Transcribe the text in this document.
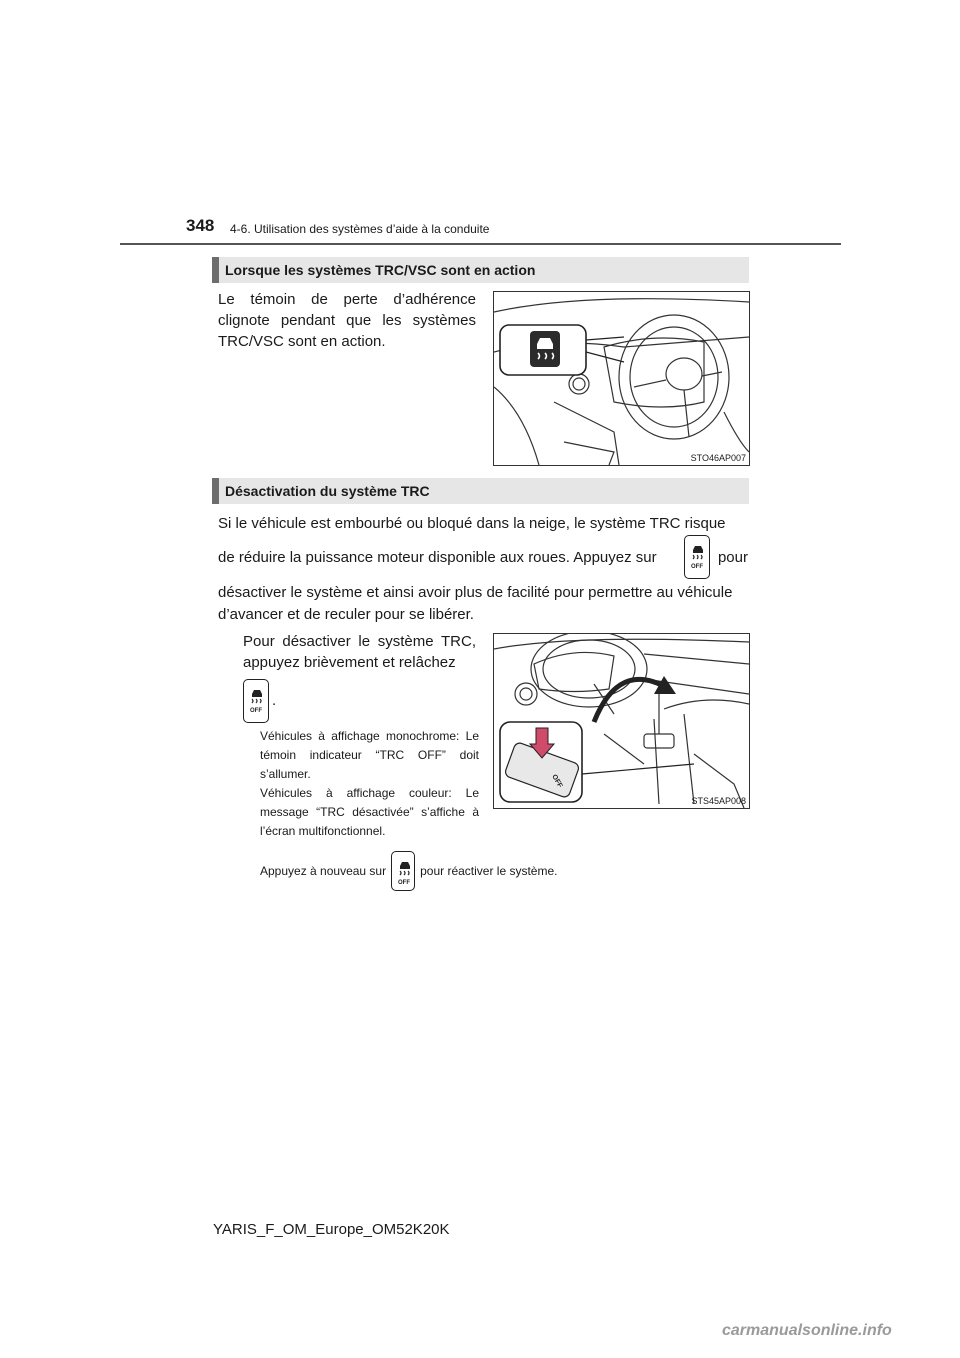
348 4-6. Utilisation des systèmes d’aide à la conduite
Lorsque les systèmes TRC/VSC sont en action
Le témoin de perte d’adhérence clignote pendant que les systèmes TRC/VSC sont en action.
STO46AP007
Désactivation du système TRC
Si le véhicule est embourbé ou bloqué dans la neige, le système TRC risque
de réduire la puissance moteur disponible aux roues. Appuyez sur
OFF
pour
désactiver le système et ainsi avoir plus de facilité pour permettre au véhicule
d’avancer et de reculer pour se libérer.
Pour désactiver le système TRC, appuyez brièvement et relâchez
OFF
.
Véhicules à affichage monochrome: Le témoin indicateur “TRC OFF” doit s’allumer.
Véhicules à affichage couleur: Le message “TRC désactivée” s’affiche à l’écran multifonctionnel.
OFF
STS45AP008
Appuyez à nouveau sur
OFF
pour réactiver le système.
YARIS_F_OM_Europe_OM52K20K
carmanualsonline.info
